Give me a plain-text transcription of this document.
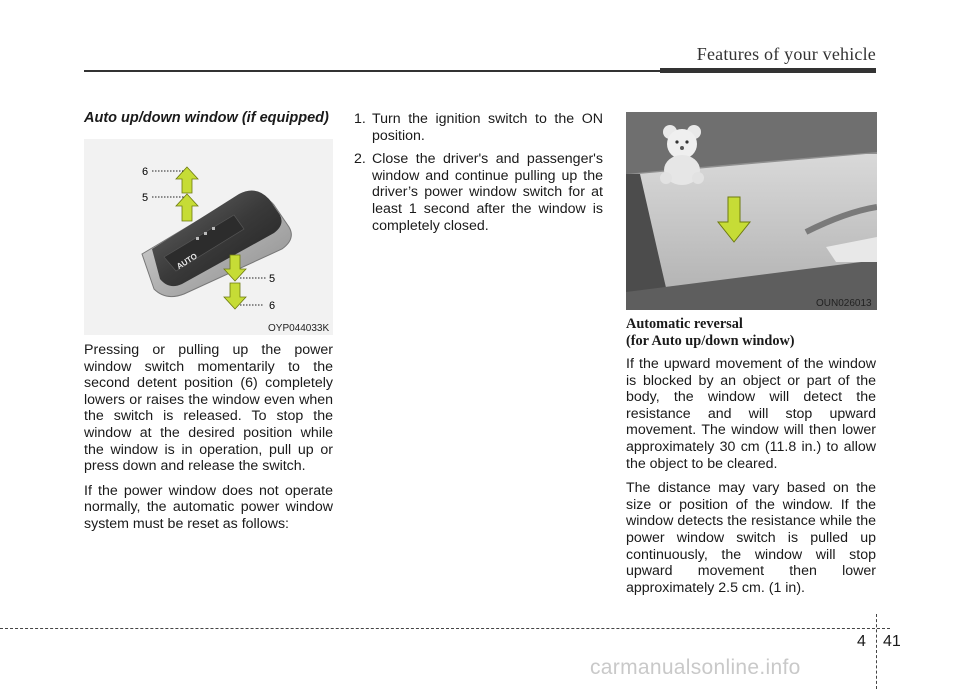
Features of your vehicle
Auto up/down window (if equipped)
AUTO
6
5
5
6
OYP044033K

Pressing or pulling up the power window switch momentarily to the second detent position (6) completely lowers or raises the window even when the switch is released. To stop the window at the desired position while the window is in operation, pull up or press down and release the switch.

If the power window does not operate normally, the automatic power window system must be reset as follows:

1. Turn the ignition switch to the ON position.
2. Close the driver's and passenger's window and continue pulling up the driver’s power window switch for at least 1 second after the window is completely closed.
OUN026013
Automatic reversal
(for Auto up/down window)

If the upward movement of the window is blocked by an object or part of the body, the window will detect the resistance and will stop upward movement. The window will then lower approximately 30 cm (11.8 in.) to allow the object to be cleared.

The distance may vary based on the size or position of the window. If the window detects the resistance while the power window switch is pulled up continuously, the window will stop upward movement then lower approximately 2.5 cm. (1 in).

4 41
carmanualsonline.info
